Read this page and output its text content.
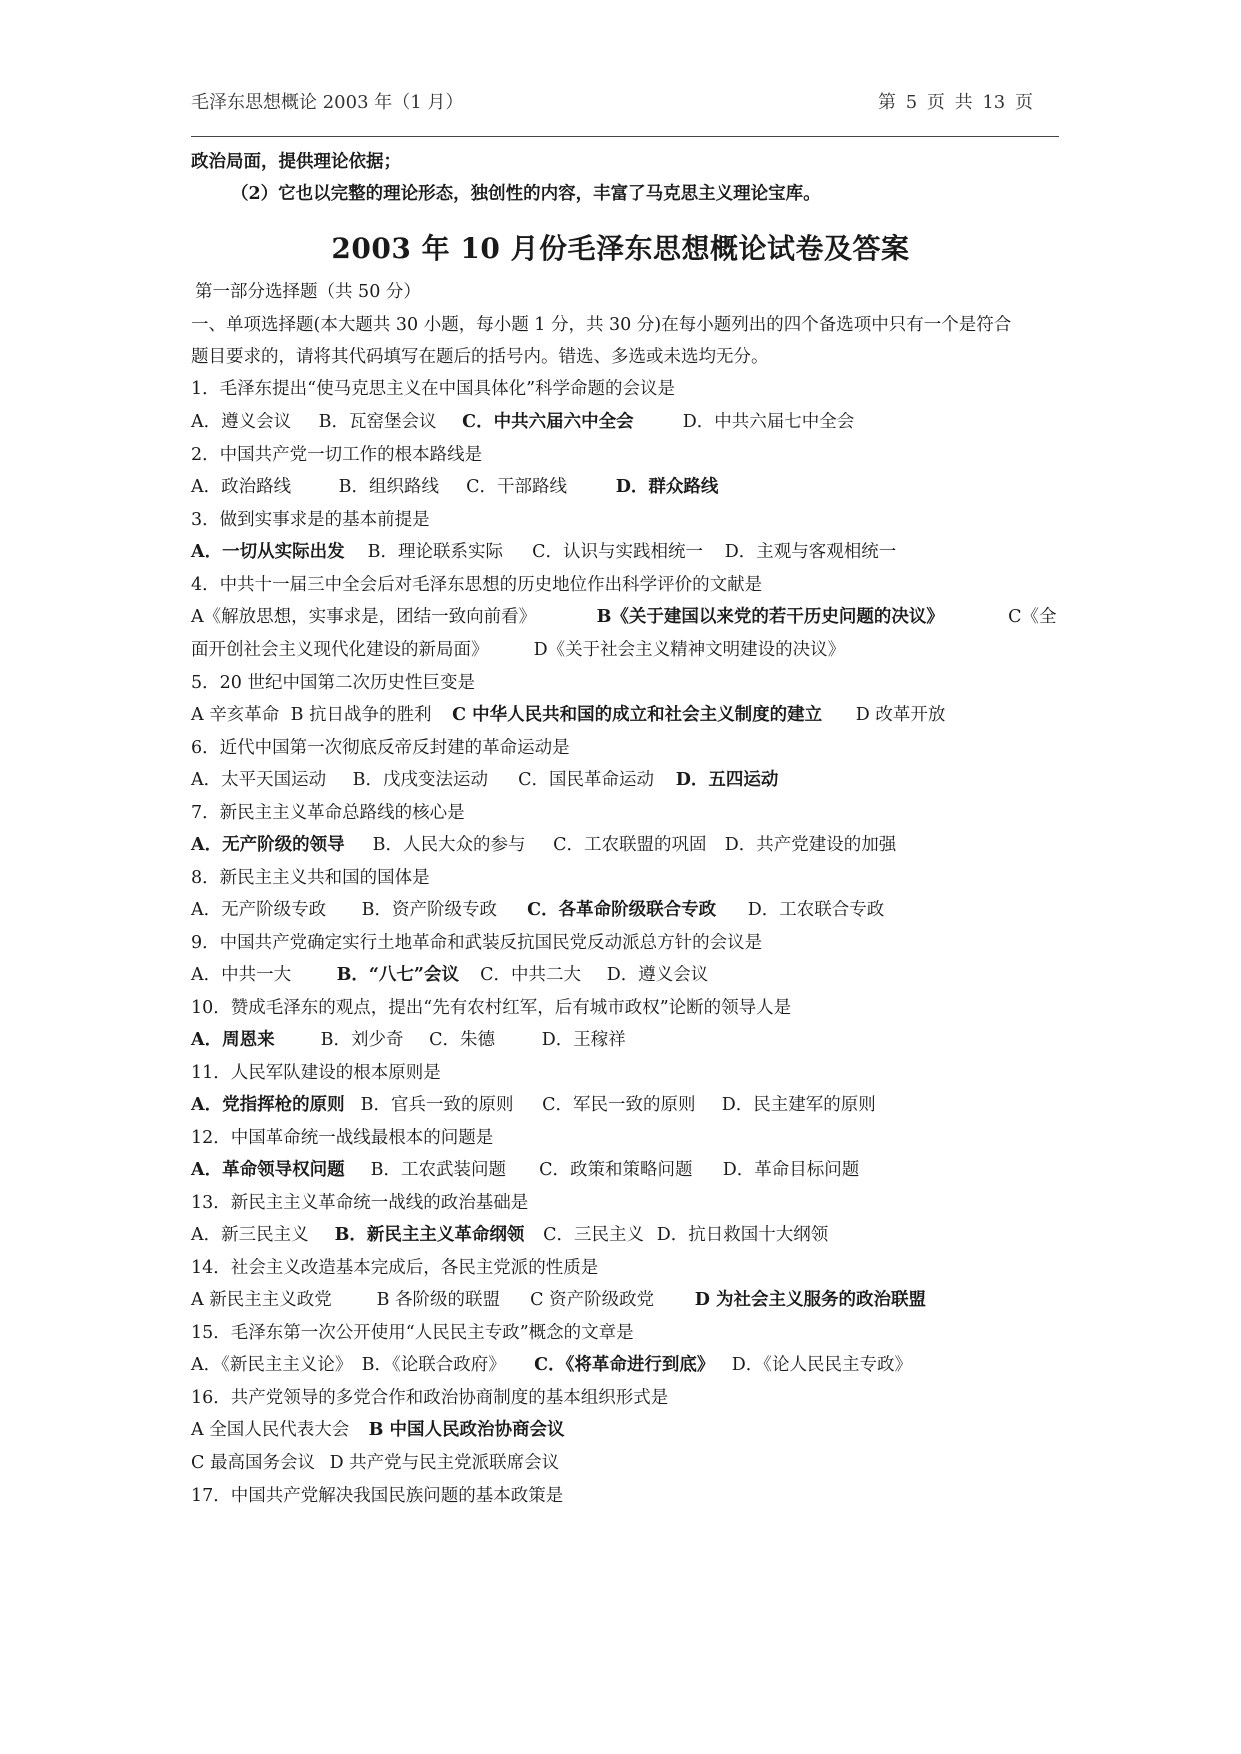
毛泽东思想概论 2003 年（1 月）	第 5 页 共 13 页
政治局面，提供理论依据；
（2）它也以完整的理论形态，独创性的内容，丰富了马克思主义理论宝库。
2003 年 10 月份毛泽东思想概论试卷及答案
第一部分选择题（共 50 分）
一、单项选择题(本大题共 30 小题，每小题 1 分，共 30 分)在每小题列出的四个备选项中只有一个是符合
题目要求的，请将其代码填写在题后的括号内。错选、多选或未选均无分。
1．毛泽东提出“使马克思主义在中国具体化”科学命题的会议是
A．遵义会议 B．瓦窑堡会议 C．中共六届六中全会	D．中共六届七中全会
2．中国共产党一切工作的根本路线是
A．政治路线	B．组织路线 C．干部路线	D．群众路线
3．做到实事求是的基本前提是
A．一切从实际出发 B．理论联系实际 C．认识与实践相统一 D．主观与客观相统一
4．中共十一届三中全会后对毛泽东思想的历史地位作出科学评价的文献是
A《解放思想，实事求是，团结一致向前看》	B《关于建国以来党的若干历史问题的决议》	C《全
面开创社会主义现代化建设的新局面》	D《关于社会主义精神文明建设的决议》
5．20 世纪中国第二次历史性巨变是
A 辛亥革命 B 抗日战争的胜利 C 中华人民共和国的成立和社会主义制度的建立 D 改革开放
6．近代中国第一次彻底反帝反封建的革命运动是
A．太平天国运动 B．戊戌变法运动 C．国民革命运动 D．五四运动
7．新民主主义革命总路线的核心是
A．无产阶级的领导 B．人民大众的参与 C．工农联盟的巩固 D．共产党建设的加强
8．新民主主义共和国的国体是
A．无产阶级专政 B．资产阶级专政 C．各革命阶级联合专政 D．工农联合专政
9．中国共产党确定实行土地革命和武装反抗国民党反动派总方针的会议是
A．中共一大	B．“八七”会议 C．中共二大 D．遵义会议
10．赞成毛泽东的观点，提出“先有农村红军，后有城市政权”论断的领导人是
A．周恩来	B．刘少奇 C．朱德	D．王稼祥
11．人民军队建设的根本原则是
A．党指挥枪的原则 B．官兵一致的原则 C．军民一致的原则 D．民主建军的原则
12．中国革命统一战线最根本的问题是
A．革命领导权问题 B．工农武装问题 C．政策和策略问题 D．革命目标问题
13．新民主主义革命统一战线的政治基础是
A．新三民主义 B．新民主主义革命纲领 C．三民主义 D．抗日救国十大纲领
14．社会主义改造基本完成后，各民主党派的性质是
A 新民主主义政党	B 各阶级的联盟 C 资产阶级政党 D 为社会主义服务的政治联盟
15．毛泽东第一次公开使用“人民民主专政”概念的文章是
A．《新民主主义论》 B．《论联合政府》 C．《将革命进行到底》 D．《论人民民主专政》
16．共产党领导的多党合作和政治协商制度的基本组织形式是
A 全国人民代表大会 B 中国人民政治协商会议
C 最高国务会议 D 共产党与民主党派联席会议
17．中国共产党解决我国民族问题的基本政策是
